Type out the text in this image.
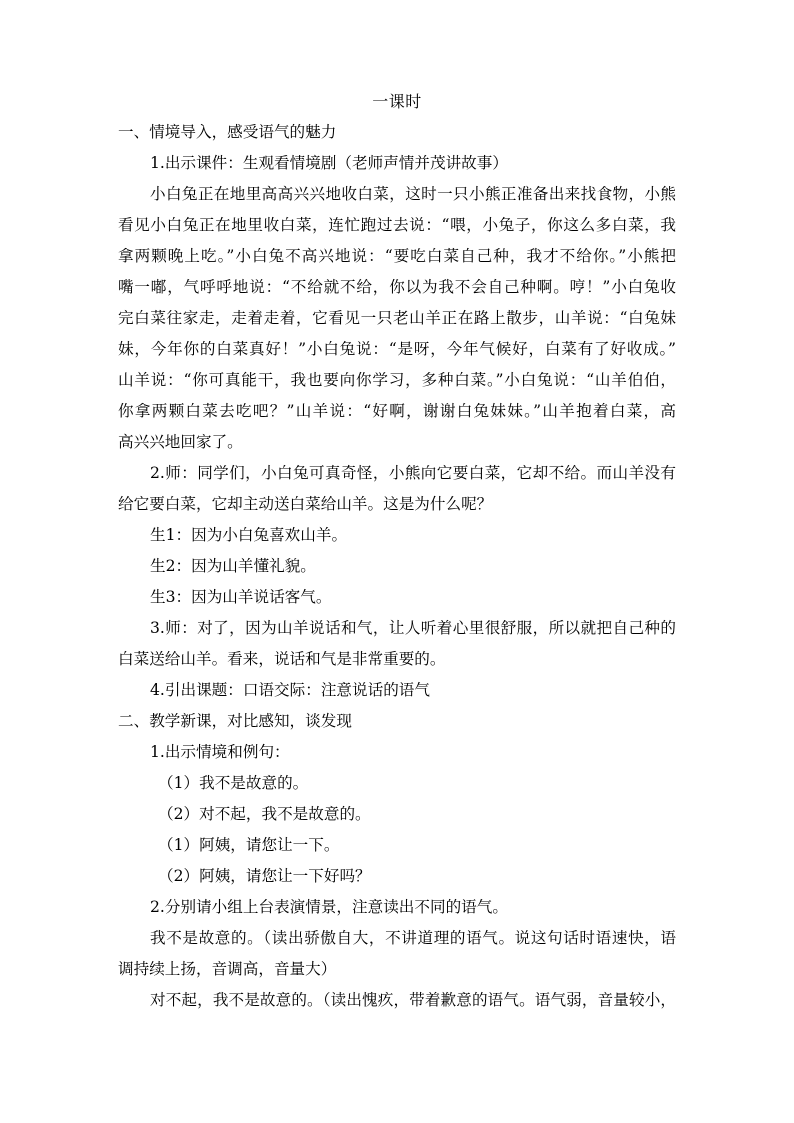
一课时
一、情境导入，感受语气的魅力
1.出示课件：生观看情境剧（老师声情并茂讲故事）
小白兔正在地里高高兴兴地收白菜，这时一只小熊正准备出来找食物，小熊
看见小白兔正在地里收白菜，连忙跑过去说：“喂，小兔子，你这么多白菜，我
拿两颗晚上吃。”小白兔不高兴地说：“要吃白菜自己种，我才不给你。”小熊把
嘴一嘟，气呼呼地说：“不给就不给，你以为我不会自己种啊。哼！”小白兔收
完白菜往家走，走着走着，它看见一只老山羊正在路上散步，山羊说：“白兔妹
妹，今年你的白菜真好！”小白兔说：“是呀，今年气候好，白菜有了好收成。”
山羊说：“你可真能干，我也要向你学习，多种白菜。”小白兔说：“山羊伯伯，
你拿两颗白菜去吃吧？”山羊说：“好啊，谢谢白兔妹妹。”山羊抱着白菜，高
高兴兴地回家了。
2.师：同学们，小白兔可真奇怪，小熊向它要白菜，它却不给。而山羊没有
给它要白菜，它却主动送白菜给山羊。这是为什么呢？
生1：因为小白兔喜欢山羊。
生2：因为山羊懂礼貌。
生3：因为山羊说话客气。
3.师：对了，因为山羊说话和气，让人听着心里很舒服，所以就把自己种的
白菜送给山羊。看来，说话和气是非常重要的。
4.引出课题：口语交际：注意说话的语气
二、教学新课，对比感知，谈发现
1.出示情境和例句：
（1）我不是故意的。
（2）对不起，我不是故意的。
（1）阿姨，请您让一下。
（2）阿姨，请您让一下好吗？
2.分别请小组上台表演情景，注意读出不同的语气。
我不是故意的。（读出骄傲自大，不讲道理的语气。说这句话时语速快，语
调持续上扬，音调高，音量大）
对不起，我不是故意的。（读出愧疚，带着歉意的语气。语气弱，音量较小，
